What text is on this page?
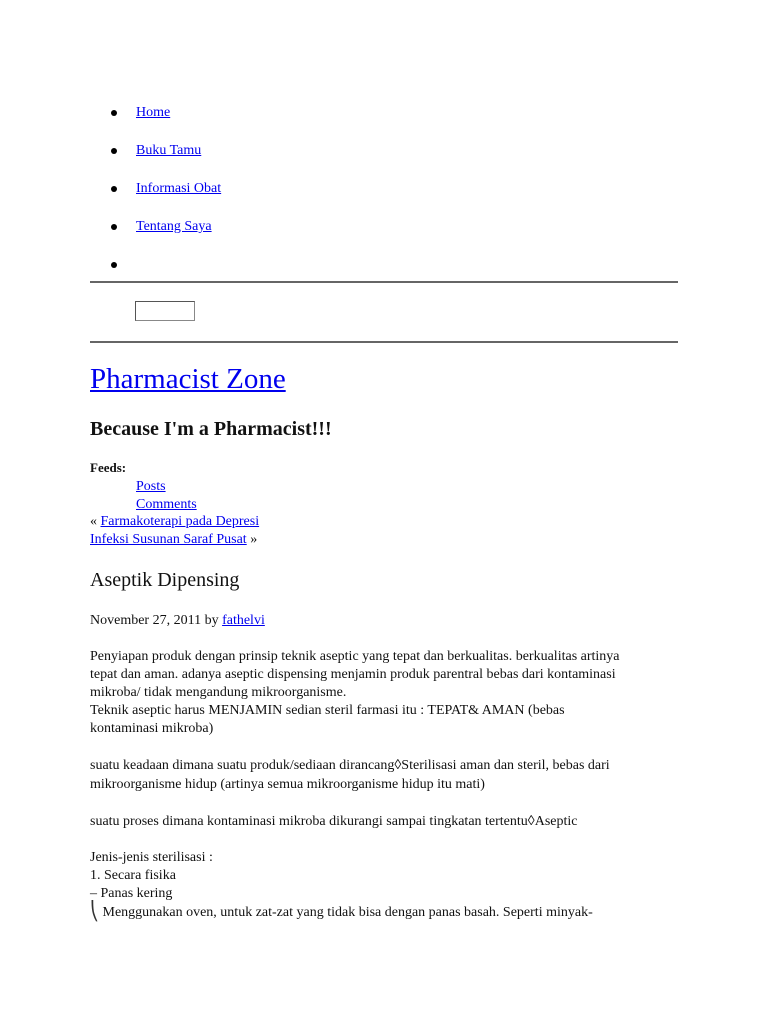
Home
Buku Tamu
Informasi Obat
Tentang Saya
Pharmacist Zone
Because I'm a Pharmacist!!!
Feeds:
Posts
Comments
« Farmakoterapi pada Depresi
Infeksi Susunan Saraf Pusat »
Aseptik Dipensing
November 27, 2011 by fathelvi
Penyiapan produk dengan prinsip teknik aseptic yang tepat dan berkualitas. berkualitas artinya
tepat dan aman. adanya aseptic dispensing menjamin produk parentral bebas dari kontaminasi
mikroba/ tidak mengandung mikroorganisme.
Teknik aseptic harus MENJAMIN sedian steril farmasi itu : TEPAT& AMAN (bebas
kontaminasi mikroba)
suatu keadaan dimana suatu produk/sediaan dirancang◊Sterilisasi aman dan steril, bebas dari
mikroorganisme hidup (artinya semua mikroorganisme hidup itu mati)
suatu proses dimana kontaminasi mikroba dikurangi sampai tingkatan tertentu◊Aseptic
Jenis-jenis sterilisasi :
1. Secara fisika
– Panas kering
⎝ Menggunakan oven, untuk zat-zat yang tidak bisa dengan panas basah. Seperti minyak-
